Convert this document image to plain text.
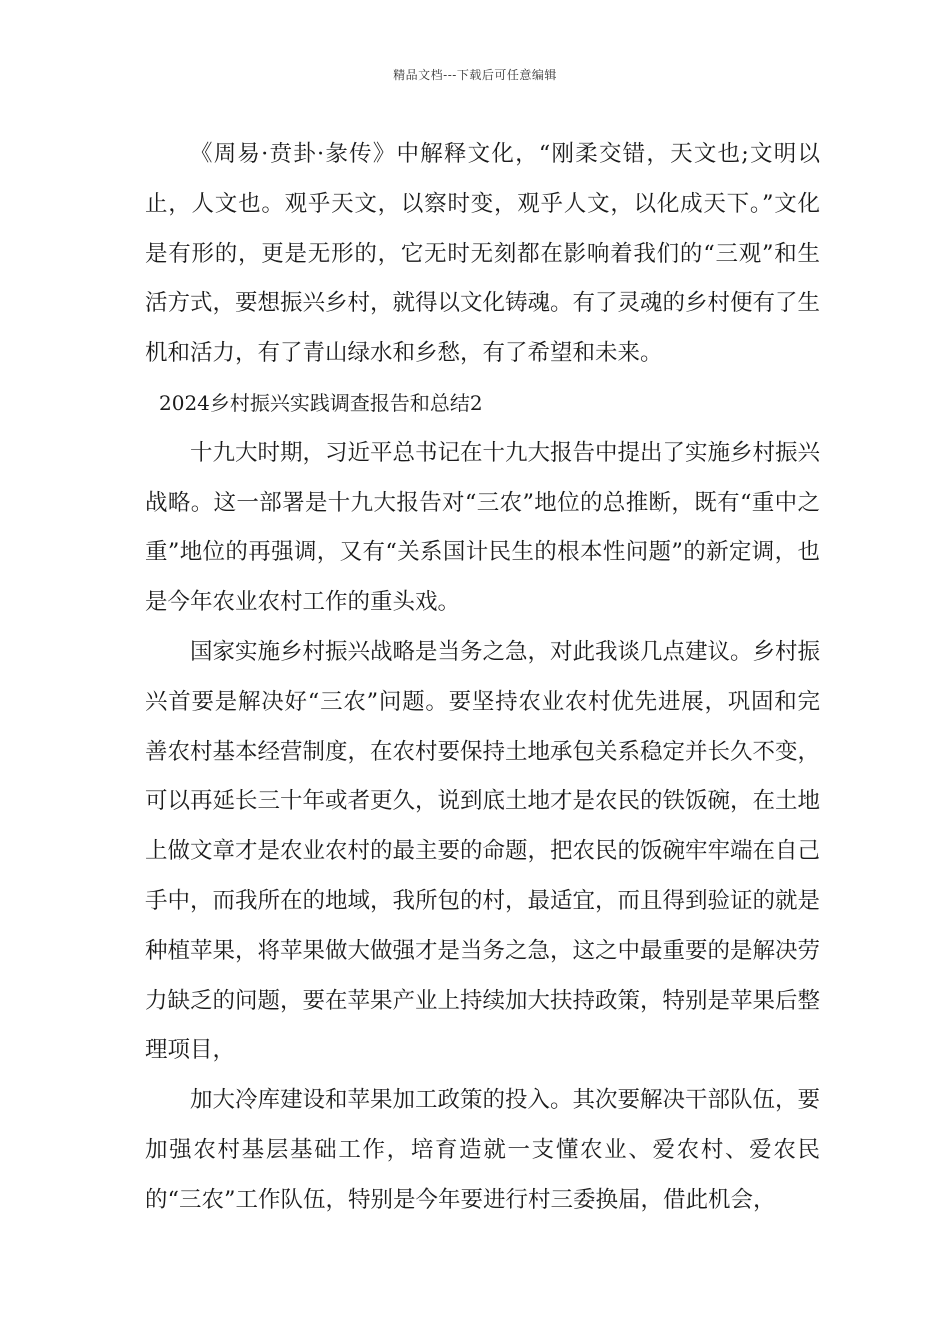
精品文档---下载后可任意编辑

《周易·贲卦·彖传》中解释文化，“刚柔交错，天文也;文明以止，人文也。观乎天文，以察时变，观乎人文，以化成天下。”文化是有形的，更是无形的，它无时无刻都在影响着我们的“三观”和生活方式，要想振兴乡村，就得以文化铸魂。有了灵魂的乡村便有了生机和活力，有了青山绿水和乡愁，有了希望和未来。

2024乡村振兴实践调查报告和总结2

十九大时期，习近平总书记在十九大报告中提出了实施乡村振兴战略。这一部署是十九大报告对“三农”地位的总推断，既有“重中之重”地位的再强调，又有“关系国计民生的根本性问题”的新定调，也是今年农业农村工作的重头戏。

国家实施乡村振兴战略是当务之急，对此我谈几点建议。乡村振兴首要是解决好“三农”问题。要坚持农业农村优先进展，巩固和完善农村基本经营制度，在农村要保持土地承包关系稳定并长久不变，可以再延长三十年或者更久，说到底土地才是农民的铁饭碗，在土地上做文章才是农业农村的最主要的命题，把农民的饭碗牢牢端在自己手中，而我所在的地域，我所包的村，最适宜，而且得到验证的就是种植苹果，将苹果做大做强才是当务之急，这之中最重要的是解决劳力缺乏的问题，要在苹果产业上持续加大扶持政策，特别是苹果后整理项目，

加大冷库建设和苹果加工政策的投入。其次要解决干部队伍，要加强农村基层基础工作，培育造就一支懂农业、爱农村、爱农民的“三农”工作队伍，特别是今年要进行村三委换届，借此机会，
